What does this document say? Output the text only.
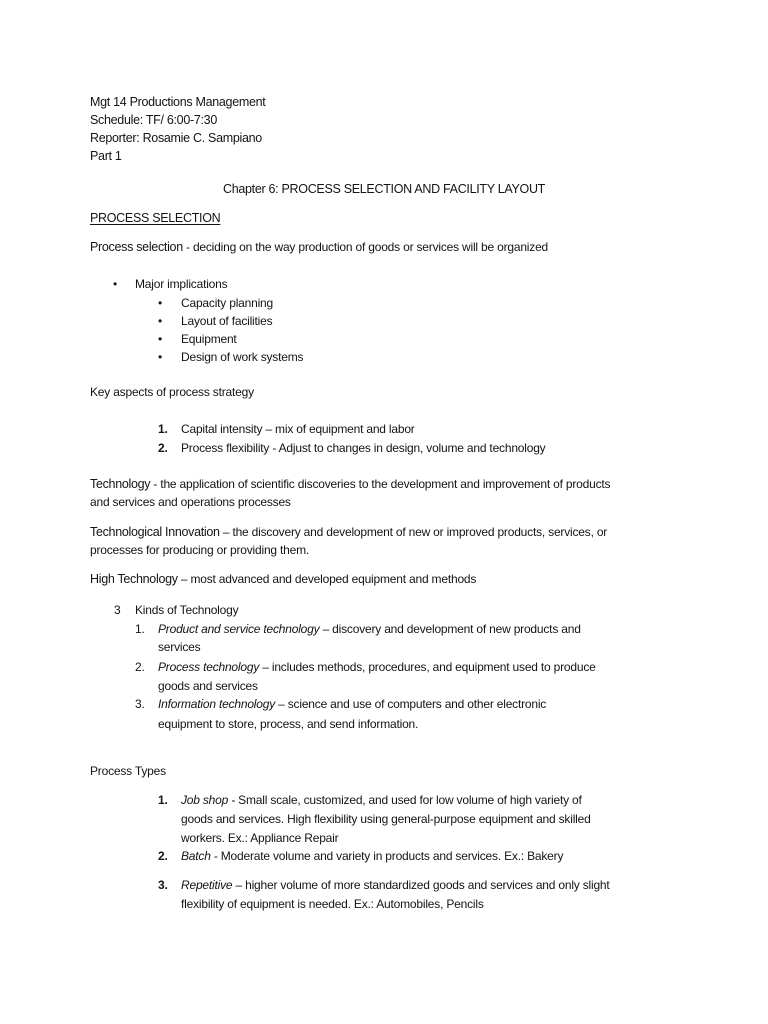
Mgt 14 Productions Management
Schedule: TF/ 6:00-7:30
Reporter: Rosamie C. Sampiano
Part 1
Chapter 6: PROCESS SELECTION AND FACILITY LAYOUT
PROCESS SELECTION
Process selection - deciding on the way production of goods or services will be organized
• Major implications
• Capacity planning
• Layout of facilities
• Equipment
• Design of work systems
Key aspects of process strategy
1. Capital intensity – mix of equipment and labor
2. Process flexibility - Adjust to changes in design, volume and technology
Technology - the application of scientific discoveries to the development and improvement of products
and services and operations processes
Technological Innovation – the discovery and development of new or improved products, services, or
processes for producing or providing them.
High Technology – most advanced and developed equipment and methods
3 Kinds of Technology
1. Product and service technology – discovery and development of new products and
services
2. Process technology – includes methods, procedures, and equipment used to produce
goods and services
3. Information technology – science and use of computers and other electronic
equipment to store, process, and send information.
Process Types
1. Job shop - Small scale, customized, and used for low volume of high variety of
goods and services. High flexibility using general-purpose equipment and skilled
workers. Ex.: Appliance Repair
2. Batch - Moderate volume and variety in products and services. Ex.: Bakery
3. Repetitive – higher volume of more standardized goods and services and only slight
flexibility of equipment is needed. Ex.: Automobiles, Pencils
